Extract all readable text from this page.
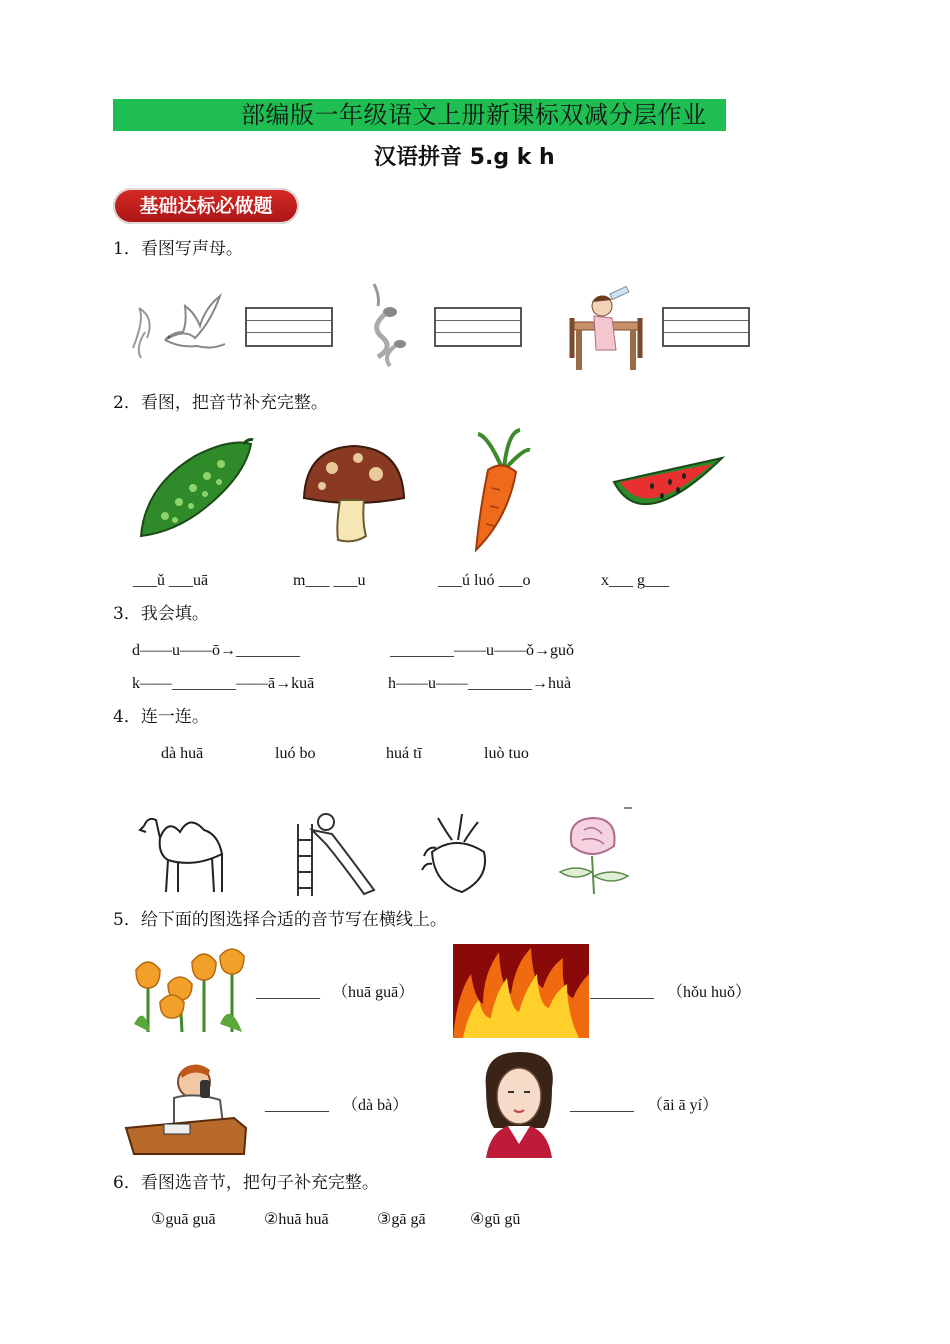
部编版一年级语文上册新课标双减分层作业
汉语拼音 5.g k h
基础达标必做题
1．看图写声母。
2．看图，把音节补充完整。
___ǔ ___uā	m___ ___u	___ú luó ___o	x___ g___
3．我会填。
d——u——ō→________	________——u——ǒ→guǒ
k——________——ā→kuā	h——u——________→huà
4．连一连。
dà huā	luó bo	huá tī	luò tuo
5．给下面的图选择合适的音节写在横线上。
________ （huā guā）	________ （hǒu huǒ）
________ （dà bà）	________ （āi ā yí）
6．看图选音节，把句子补充完整。
①guā guā	②huā huā	③gā gā	④gū gū
